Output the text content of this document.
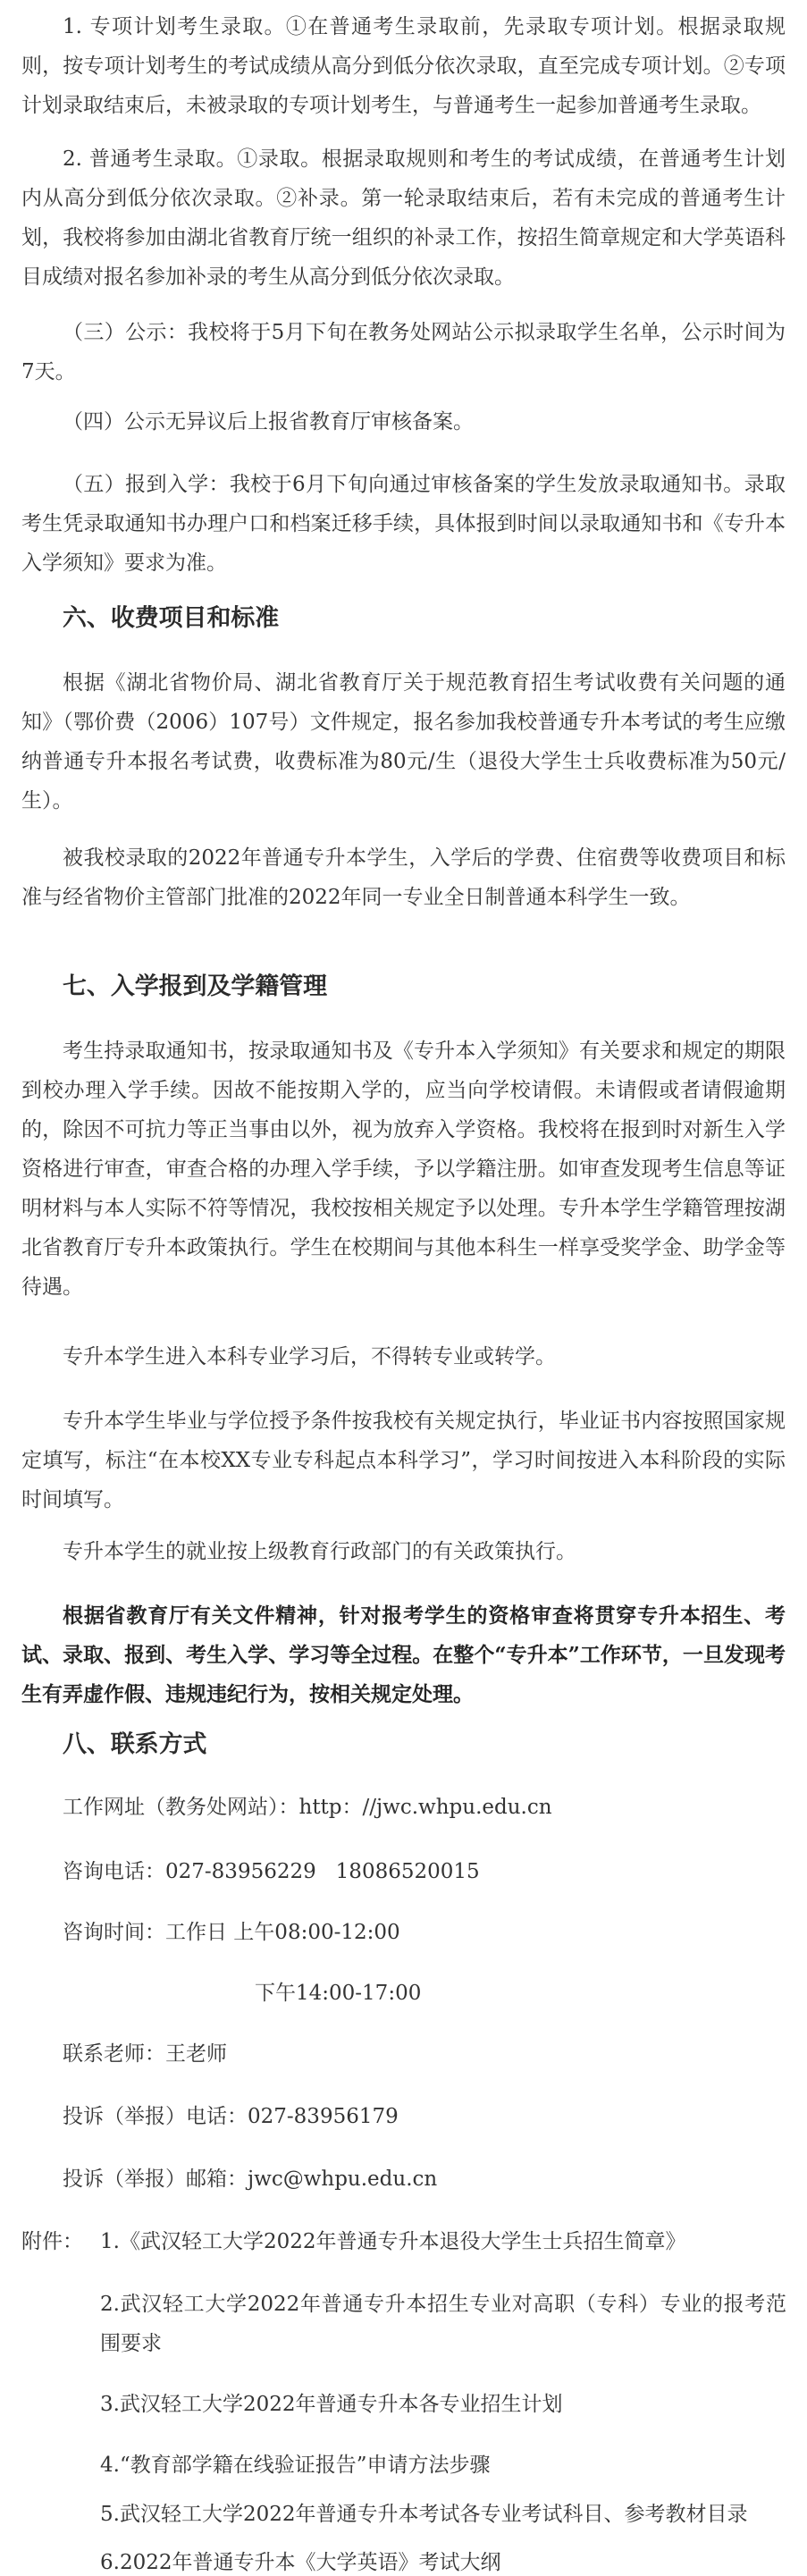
1. 专项计划考生录取。①在普通考生录取前，先录取专项计划。根据录取规则，按专项计划考生的考试成绩从高分到低分依次录取，直至完成专项计划。②专项计划录取结束后，未被录取的专项计划考生，与普通考生一起参加普通考生录取。

2. 普通考生录取。①录取。根据录取规则和考生的考试成绩，在普通考生计划内从高分到低分依次录取。②补录。第一轮录取结束后，若有未完成的普通考生计划，我校将参加由湖北省教育厅统一组织的补录工作，按招生简章规定和大学英语科目成绩对报名参加补录的考生从高分到低分依次录取。

（三）公示：我校将于5月下旬在教务处网站公示拟录取学生名单，公示时间为7天。

（四）公示无异议后上报省教育厅审核备案。

（五）报到入学：我校于6月下旬向通过审核备案的学生发放录取通知书。录取考生凭录取通知书办理户口和档案迁移手续，具体报到时间以录取通知书和《专升本入学须知》要求为准。

六、收费项目和标准

根据《湖北省物价局、湖北省教育厅关于规范教育招生考试收费有关问题的通知》（鄂价费（2006）107号）文件规定，报名参加我校普通专升本考试的考生应缴纳普通专升本报名考试费，收费标准为80元/生（退役大学生士兵收费标准为50元/生）。

被我校录取的2022年普通专升本学生，入学后的学费、住宿费等收费项目和标准与经省物价主管部门批准的2022年同一专业全日制普通本科学生一致。

七、入学报到及学籍管理

考生持录取通知书，按录取通知书及《专升本入学须知》有关要求和规定的期限到校办理入学手续。因故不能按期入学的，应当向学校请假。未请假或者请假逾期的，除因不可抗力等正当事由以外，视为放弃入学资格。我校将在报到时对新生入学资格进行审查，审查合格的办理入学手续，予以学籍注册。如审查发现考生信息等证明材料与本人实际不符等情况，我校按相关规定予以处理。专升本学生学籍管理按湖北省教育厅专升本政策执行。学生在校期间与其他本科生一样享受奖学金、助学金等待遇。

专升本学生进入本科专业学习后，不得转专业或转学。

专升本学生毕业与学位授予条件按我校有关规定执行，毕业证书内容按照国家规定填写，标注“在本校XX专业专科起点本科学习”，学习时间按进入本科阶段的实际时间填写。

专升本学生的就业按上级教育行政部门的有关政策执行。

根据省教育厅有关文件精神，针对报考学生的资格审查将贯穿专升本招生、考试、录取、报到、考生入学、学习等全过程。在整个“专升本”工作环节，一旦发现考生有弄虚作假、违规违纪行为，按相关规定处理。

八、联系方式

工作网址（教务处网站）：http：//jwc.whpu.edu.cn

咨询电话：027-83956229   18086520015

咨询时间：工作日 上午08:00-12:00

下午14:00-17:00

联系老师：王老师

投诉（举报）电话：027-83956179

投诉（举报）邮箱：jwc@whpu.edu.cn

附件： 1.《武汉轻工大学2022年普通专升本退役大学生士兵招生简章》

2.武汉轻工大学2022年普通专升本招生专业对高职（专科）专业的报考范围要求

3.武汉轻工大学2022年普通专升本各专业招生计划

4.“教育部学籍在线验证报告”申请方法步骤

5.武汉轻工大学2022年普通专升本考试各专业考试科目、参考教材目录

6.2022年普通专升本《大学英语》考试大纲
